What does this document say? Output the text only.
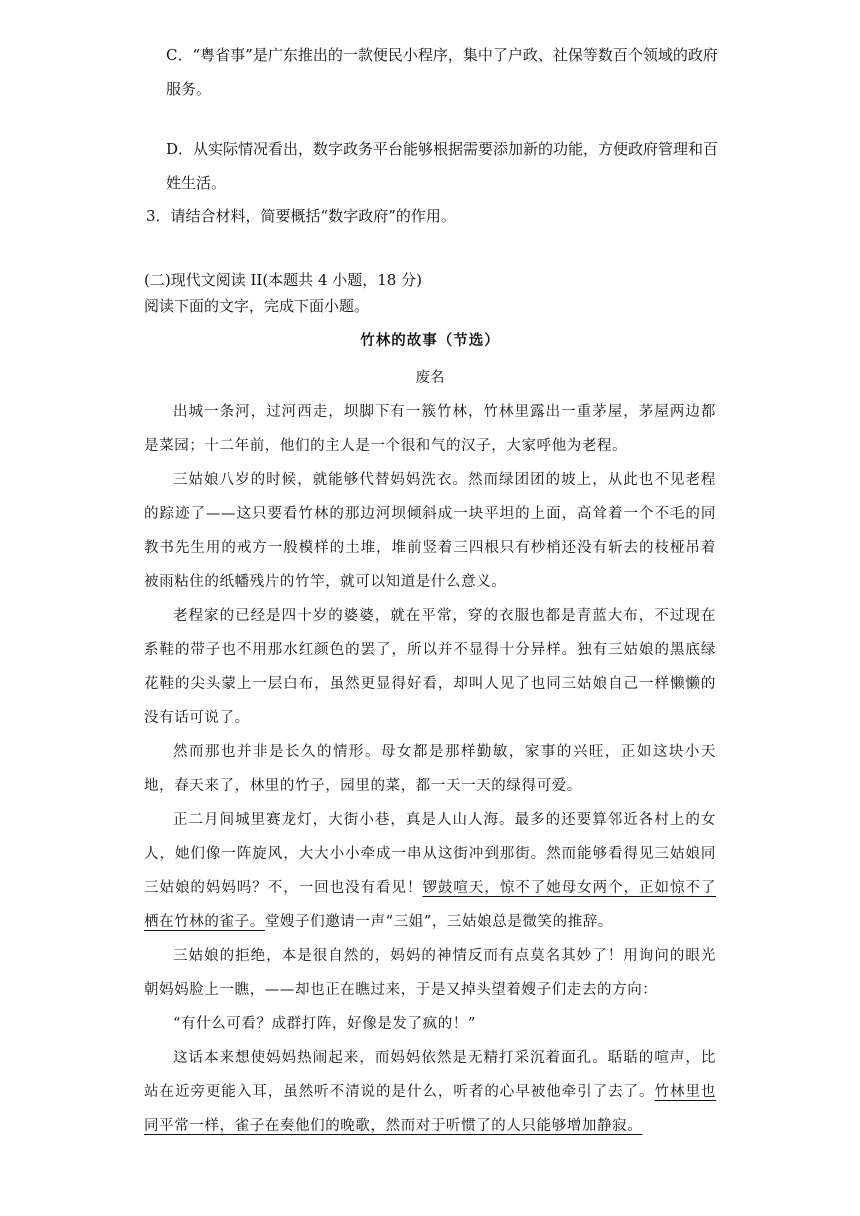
C．“粤省事”是广东推出的一款便民小程序，集中了户政、社保等数百个领域的政府
服务。
D．从实际情况看出，数字政务平台能够根据需要添加新的功能，方便政府管理和百
姓生活。
3．请结合材料，简要概括“数字政府”的作用。
(二)现代文阅读 II(本题共 4 小题，18 分)
阅读下面的文字，完成下面小题。
竹林的故事（节选）
废名

出城一条河，过河西走，坝脚下有一簇竹林，竹林里露出一重茅屋，茅屋两边都是菜园；十二年前，他们的主人是一个很和气的汉子，大家呼他为老程。

三姑娘八岁的时候，就能够代替妈妈洗衣。然而绿团团的坡上，从此也不见老程的踪迹了——这只要看竹林的那边河坝倾斜成一块平坦的上面，高耸着一个不毛的同教书先生用的戒方一般模样的土堆，堆前竖着三四根只有杪梢还没有斩去的枝桠吊着被雨粘住的纸幡残片的竹竿，就可以知道是什么意义。

老程家的已经是四十岁的婆婆，就在平常，穿的衣服也都是青蓝大布，不过现在系鞋的带子也不用那水红颜色的罢了，所以并不显得十分异样。独有三姑娘的黑底绿花鞋的尖头蒙上一层白布，虽然更显得好看，却叫人见了也同三姑娘自己一样懒懒的没有话可说了。

然而那也并非是长久的情形。母女都是那样勤敏，家事的兴旺，正如这块小天地，春天来了，林里的竹子，园里的菜，都一天一天的绿得可爱。

正二月间城里赛龙灯，大街小巷，真是人山人海。最多的还要算邻近各村上的女人，她们像一阵旋风，大大小小牵成一串从这街冲到那街。然而能够看得见三姑娘同三姑娘的妈妈吗？不，一回也没有看见！锣鼓喧天，惊不了她母女两个，正如惊不了栖在竹林的雀子。堂嫂子们邀请一声“三姐”，三姑娘总是微笑的推辞。

三姑娘的拒绝，本是很自然的，妈妈的神情反而有点莫名其妙了！用询问的眼光朝妈妈脸上一瞧，——却也正在瞧过来，于是又掉头望着嫂子们走去的方向：

“有什么可看？成群打阵，好像是发了疯的！”

这话本来想使妈妈热闹起来，而妈妈依然是无精打采沉着面孔。聒聒的喧声，比站在近旁更能入耳，虽然听不清说的是什么，听者的心早被他牵引了去了。竹林里也同平常一样，雀子在奏他们的晚歌，然而对于听惯了的人只能够增加静寂。
